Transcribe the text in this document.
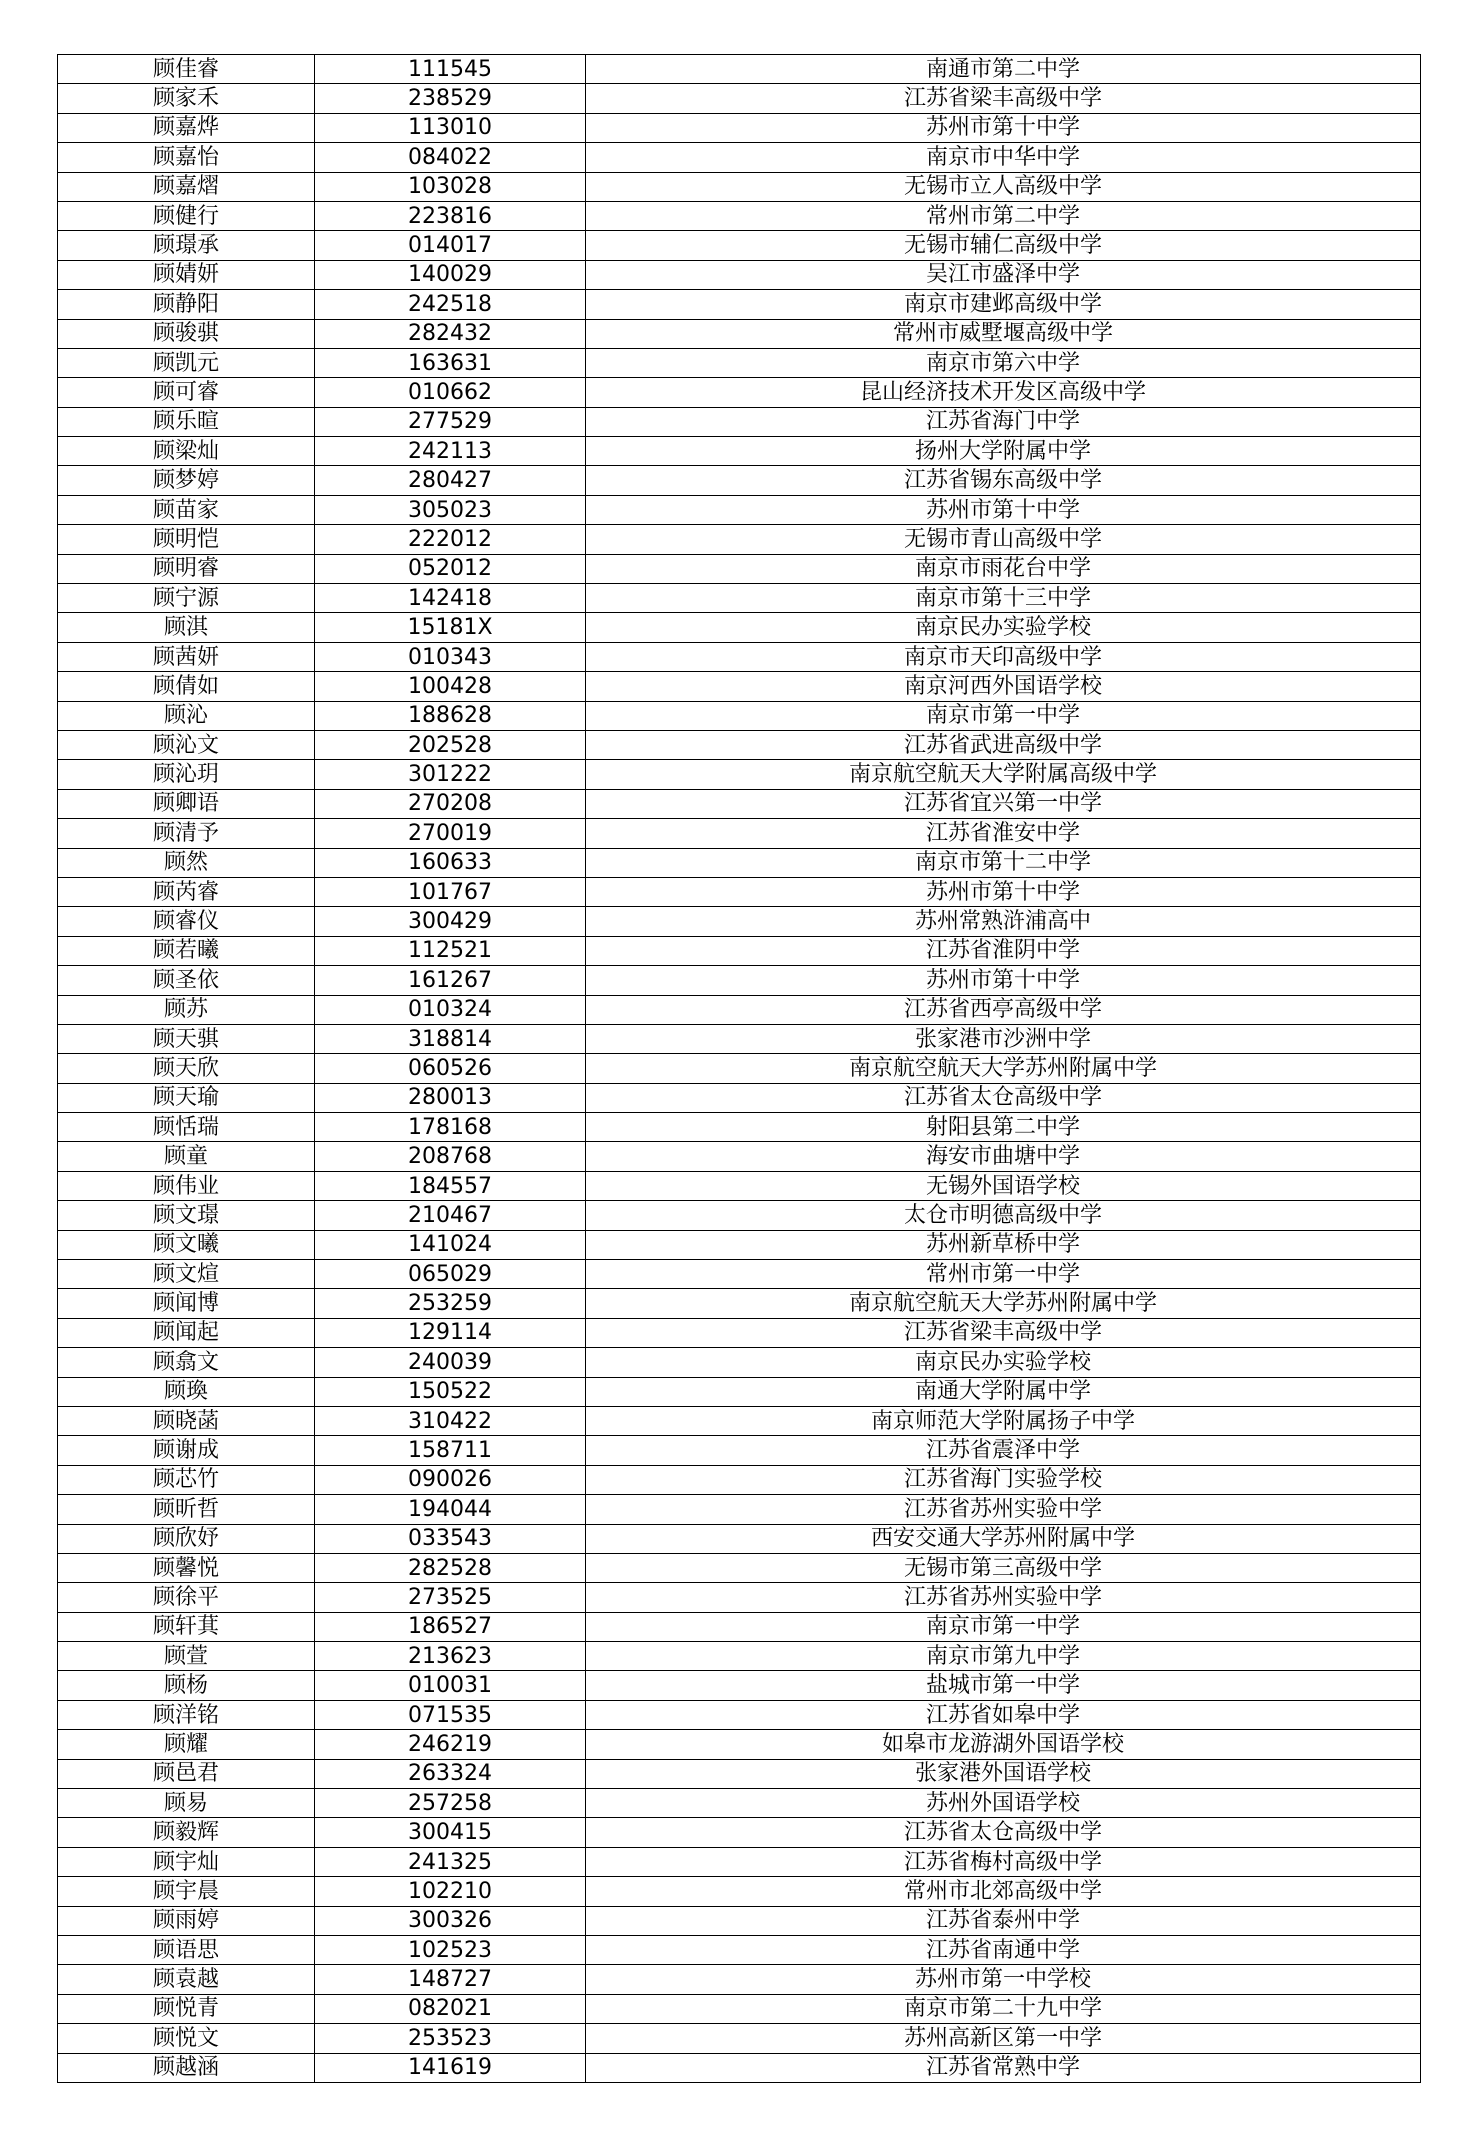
顾佳睿	111545	南通市第二中学
顾家禾	238529	江苏省梁丰高级中学
顾嘉烨	113010	苏州市第十中学
顾嘉怡	084022	南京市中华中学
顾嘉熠	103028	无锡市立人高级中学
顾健行	223816	常州市第二中学
顾璟承	014017	无锡市辅仁高级中学
顾婧妍	140029	吴江市盛泽中学
顾静阳	242518	南京市建邺高级中学
顾骏骐	282432	常州市威墅堰高级中学
顾凯元	163631	南京市第六中学
顾可睿	010662	昆山经济技术开发区高级中学
顾乐暄	277529	江苏省海门中学
顾梁灿	242113	扬州大学附属中学
顾梦婷	280427	江苏省锡东高级中学
顾苗家	305023	苏州市第十中学
顾明恺	222012	无锡市青山高级中学
顾明睿	052012	南京市雨花台中学
顾宁源	142418	南京市第十三中学
顾淇	15181X	南京民办实验学校
顾茜妍	010343	南京市天印高级中学
顾倩如	100428	南京河西外国语学校
顾沁	188628	南京市第一中学
顾沁文	202528	江苏省武进高级中学
顾沁玥	301222	南京航空航天大学附属高级中学
顾卿语	270208	江苏省宜兴第一中学
顾清予	270019	江苏省淮安中学
顾然	160633	南京市第十二中学
顾芮睿	101767	苏州市第十中学
顾睿仪	300429	苏州常熟浒浦高中
顾若曦	112521	江苏省淮阴中学
顾圣依	161267	苏州市第十中学
顾苏	010324	江苏省西亭高级中学
顾天骐	318814	张家港市沙洲中学
顾天欣	060526	南京航空航天大学苏州附属中学
顾天瑜	280013	江苏省太仓高级中学
顾恬瑞	178168	射阳县第二中学
顾童	208768	海安市曲塘中学
顾伟业	184557	无锡外国语学校
顾文璟	210467	太仓市明德高级中学
顾文曦	141024	苏州新草桥中学
顾文煊	065029	常州市第一中学
顾闻博	253259	南京航空航天大学苏州附属中学
顾闻起	129114	江苏省梁丰高级中学
顾翕文	240039	南京民办实验学校
顾瑍	150522	南通大学附属中学
顾晓菡	310422	南京师范大学附属扬子中学
顾谢成	158711	江苏省震泽中学
顾芯竹	090026	江苏省海门实验学校
顾昕哲	194044	江苏省苏州实验中学
顾欣妤	033543	西安交通大学苏州附属中学
顾馨悦	282528	无锡市第三高级中学
顾徐平	273525	江苏省苏州实验中学
顾轩萁	186527	南京市第一中学
顾萱	213623	南京市第九中学
顾杨	010031	盐城市第一中学
顾洋铭	071535	江苏省如皋中学
顾耀	246219	如皋市龙游湖外国语学校
顾邑君	263324	张家港外国语学校
顾易	257258	苏州外国语学校
顾毅辉	300415	江苏省太仓高级中学
顾宇灿	241325	江苏省梅村高级中学
顾宇晨	102210	常州市北郊高级中学
顾雨婷	300326	江苏省泰州中学
顾语思	102523	江苏省南通中学
顾袁越	148727	苏州市第一中学校
顾悦青	082021	南京市第二十九中学
顾悦文	253523	苏州高新区第一中学
顾越涵	141619	江苏省常熟中学
